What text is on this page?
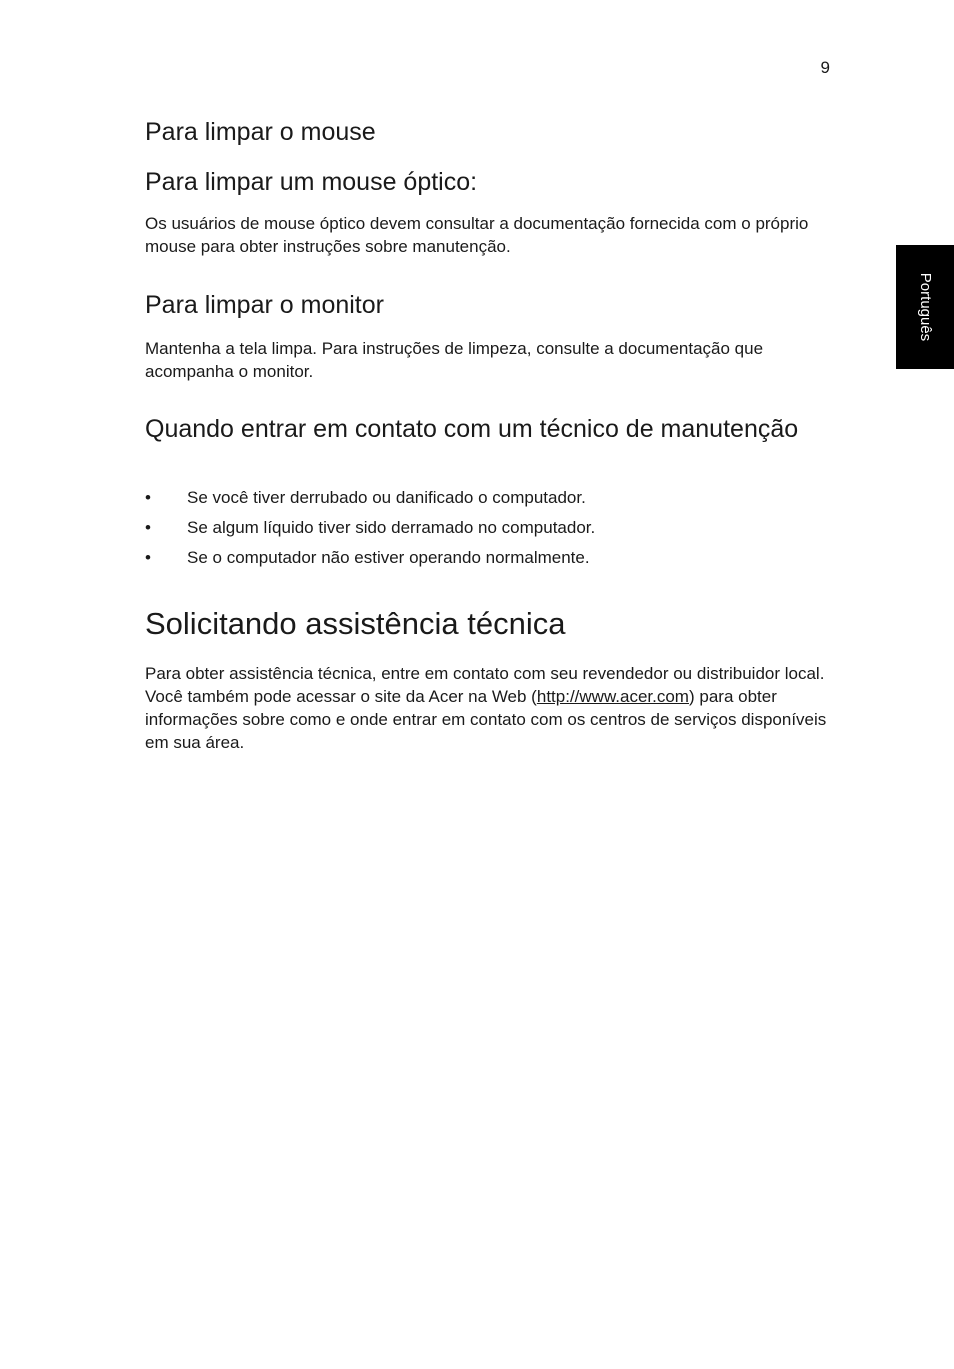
9
Português
Para limpar o mouse
Para limpar um mouse óptico:

Os usuários de mouse óptico devem consultar a documentação fornecida com o próprio mouse para obter instruções sobre manutenção.

Para limpar o monitor

Mantenha a tela limpa. Para instruções de limpeza, consulte a documentação que acompanha o monitor.

Quando entrar em contato com um técnico de manutenção
• Se você tiver derrubado ou danificado o computador.
• Se algum líquido tiver sido derramado no computador.
• Se o computador não estiver operando normalmente.
Solicitando assistência técnica

Para obter assistência técnica, entre em contato com seu revendedor ou distribuidor local. Você também pode acessar o site da Acer na Web (http://www.acer.com) para obter informações sobre como e onde entrar em contato com os centros de serviços disponíveis em sua área.
